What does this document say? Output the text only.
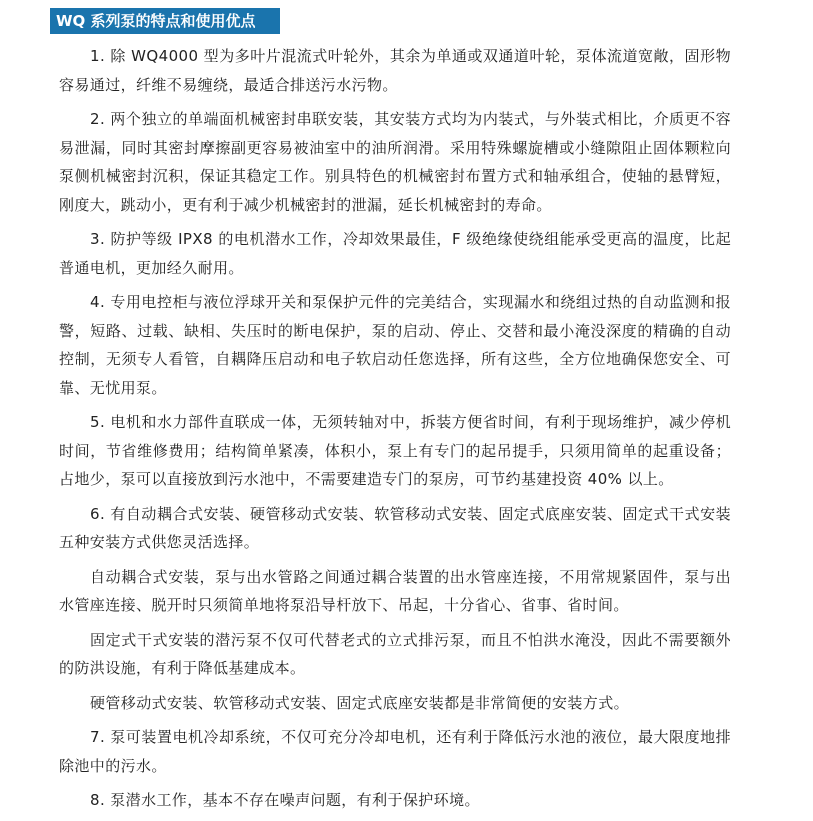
WQ 系列泵的特点和使用优点

1. 除 WQ4000 型为多叶片混流式叶轮外，其余为单通或双通道叶轮，泵体流道宽敞，固形物容易通过，纤维不易缠绕，最适合排送污水污物。

2. 两个独立的单端面机械密封串联安装，其安装方式均为内装式，与外装式相比，介质更不容易泄漏，同时其密封摩擦副更容易被油室中的油所润滑。采用特殊螺旋槽或小缝隙阻止固体颗粒向泵侧机械密封沉积，保证其稳定工作。别具特色的机械密封布置方式和轴承组合，使轴的悬臂短，刚度大，跳动小，更有利于减少机械密封的泄漏，延长机械密封的寿命。

3. 防护等级 IPX8 的电机潜水工作，冷却效果最佳，F 级绝缘使绕组能承受更高的温度，比起普通电机，更加经久耐用。

4. 专用电控柜与液位浮球开关和泵保护元件的完美结合，实现漏水和绕组过热的自动监测和报警，短路、过载、缺相、失压时的断电保护，泵的启动、停止、交替和最小淹没深度的精确的自动控制，无须专人看管，自耦降压启动和电子软启动任您选择，所有这些，全方位地确保您安全、可靠、无忧用泵。

5. 电机和水力部件直联成一体，无须转轴对中，拆装方便省时间，有利于现场维护，减少停机时间，节省维修费用；结构简单紧凑，体积小，泵上有专门的起吊提手，只须用简单的起重设备；占地少，泵可以直接放到污水池中，不需要建造专门的泵房，可节约基建投资 40% 以上。

6. 有自动耦合式安装、硬管移动式安装、软管移动式安装、固定式底座安装、固定式干式安装五种安装方式供您灵活选择。

自动耦合式安装，泵与出水管路之间通过耦合装置的出水管座连接，不用常规紧固件，泵与出水管座连接、脱开时只须简单地将泵沿导杆放下、吊起，十分省心、省事、省时间。

固定式干式安装的潜污泵不仅可代替老式的立式排污泵，而且不怕洪水淹没，因此不需要额外的防洪设施，有利于降低基建成本。

硬管移动式安装、软管移动式安装、固定式底座安装都是非常简便的安装方式。

7. 泵可装置电机冷却系统，不仅可充分冷却电机，还有利于降低污水池的液位，最大限度地排除池中的污水。

8. 泵潜水工作，基本不存在噪声问题，有利于保护环境。
